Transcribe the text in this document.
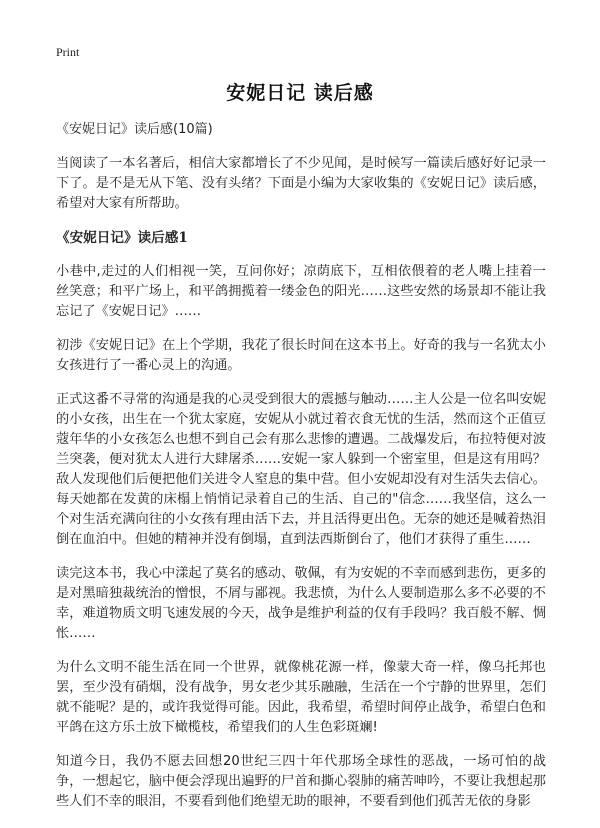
Print
安妮日记 读后感

《安妮日记》读后感(10篇)

当阅读了一本名著后，相信大家都增长了不少见闻，是时候写一篇读后感好好记录一下了。是不是无从下笔、没有头绪？下面是小编为大家收集的《安妮日记》读后感，希望对大家有所帮助。

《安妮日记》读后感1

小巷中,走过的人们相视一笑，互问你好；凉荫底下，互相依偎着的老人嘴上挂着一丝笑意；和平广场上，和平鸽拥揽着一缕金色的阳光……这些安然的场景却不能让我忘记了《安妮日记》……

初涉《安妮日记》在上个学期，我花了很长时间在这本书上。好奇的我与一名犹太小女孩进行了一番心灵上的沟通。

正式这番不寻常的沟通是我的心灵受到很大的震撼与触动……主人公是一位名叫安妮的小女孩，出生在一个犹太家庭，安妮从小就过着衣食无忧的生活，然而这个正值豆蔻年华的小女孩怎么也想不到自己会有那么悲惨的遭遇。二战爆发后，布拉特便对波兰突袭，便对犹太人进行大肆屠杀……安妮一家人躲到一个密室里，但是这有用吗？敌人发现他们后便把他们关进令人窒息的集中营。但小安妮却没有对生活失去信心。每天她都在发黄的床榻上悄悄记录着自己的生活、自己的"信念……我坚信，这么一个对生活充满向往的小女孩有理由活下去，并且活得更出色。无奈的她还是喊着热泪倒在血泊中。但她的精神并没有倒塌，直到法西斯倒台了，他们才获得了重生……

读完这本书，我心中漾起了莫名的感动、敬佩，有为安妮的不幸而感到悲伤，更多的是对黑暗独裁统治的憎恨，不屑与鄙视。我悲愤，为什么人要制造那么多不必要的不幸，难道物质文明飞速发展的今天，战争是维护利益的仅有手段吗？我百般不解、惆怅……

为什么文明不能生活在同一个世界，就像桃花源一样，像蒙大奇一样，像乌托邦也罢，至少没有硝烟，没有战争，男女老少其乐融融，生活在一个宁静的世界里，怎们就不能呢？是的，或许我觉得可能。因此，我希望，希望时间停止战争，希望白色和平鸽在这方乐土放下橄榄枝，希望我们的人生色彩斑斓!

知道今日，我仍不愿去回想20世纪三四十年代那场全球性的恶战，一场可怕的战争，一想起它，脑中便会浮现出遍野的尸首和撕心裂肺的痛苦呻吟，不要让我想起那些人们不幸的眼泪，不要看到他们绝望无助的眼神，不要看到他们孤苦无依的身影
